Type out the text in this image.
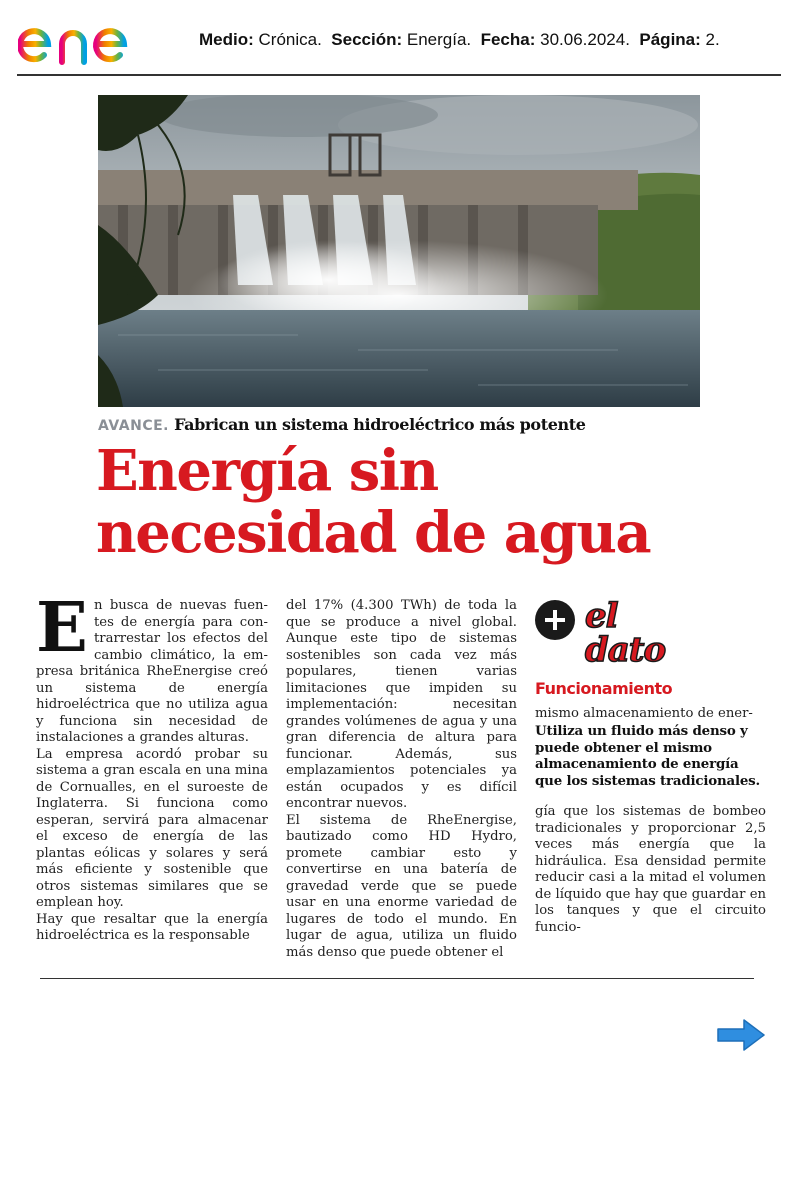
Medio: Crónica. Sección: Energía. Fecha: 30.06.2024. Página: 2.
AVANCE. Fabrican un sistema hidroeléctrico más potente
Energía sin
necesidad de agua

E n busca de nuevas fuen- tes de energía para con- trarrestar los efectos del cambio climático, la em- presa británica RheEnergise creó un sistema de energía hidroeléctrica que no utiliza agua y funciona sin necesidad de instalaciones a grandes alturas.

La empresa acordó probar su sistema a gran escala en una mina de Cornualles, en el suroeste de Inglaterra. Si funciona como esperan, servirá para almacenar el exceso de energía de las plantas eólicas y solares y será más eficiente y sostenible que otros sistemas similares que se emplean hoy.

Hay que resaltar que la energía hidroeléctrica es la responsable

del 17% (4.300 TWh) de toda la que se produce a nivel global. Aunque este tipo de sistemas sostenibles son cada vez más populares, tienen varias limitaciones que impiden su implementación: necesitan grandes volúmenes de agua y una gran diferencia de altura para funcionar. Además, sus emplazamientos potenciales ya están ocupados y es difícil encontrar nuevos.

El sistema de RheEnergise, bautizado como HD Hydro, promete cambiar esto y convertirse en una batería de gravedad verde que se puede usar en una enorme variedad de lugares de todo el mundo. En lugar de agua, utiliza un fluido más denso que puede obtener el

el
dato
Funcionamiento
mismo almacenamiento de ener-
Utiliza un fluido más denso y
puede obtener el mismo
almacenamiento de energía
que los sistemas tradicionales.
gía que los sistemas de bombeo tradicionales y proporcionar 2,5 veces más energía que la hidráulica. Esa densidad permite reducir casi a la mitad el volumen de líquido que hay que guardar en los tanques y que el circuito funcio-
